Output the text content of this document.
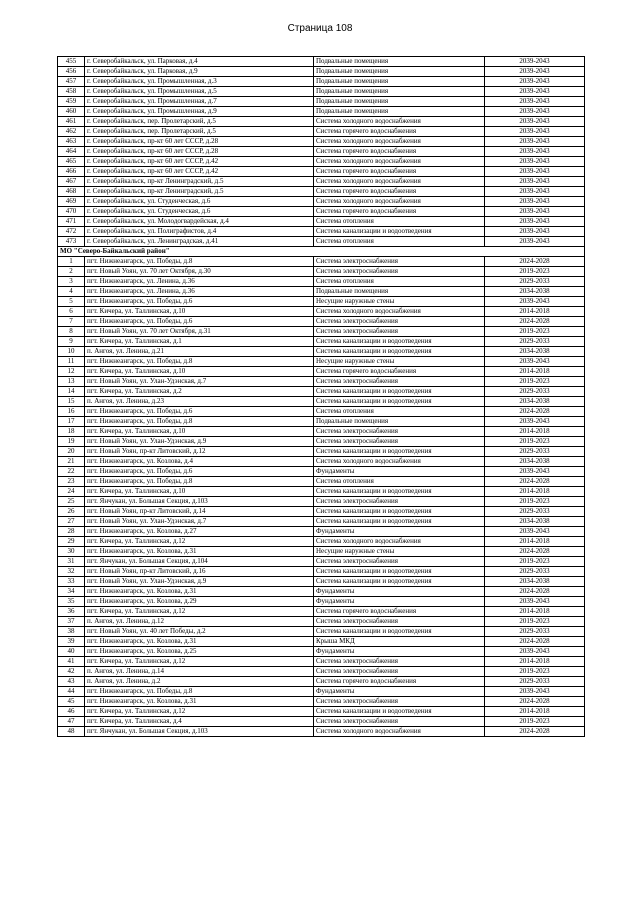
Страница 108
455	г. Северобайкальск, ул. Парковая, д.4	Подвальные помещения	2039-2043
456	г. Северобайкальск, ул. Парковая, д.9	Подвальные помещения	2039-2043
457	г. Северобайкальск, ул. Промышленная, д.3	Подвальные помещения	2039-2043
458	г. Северобайкальск, ул. Промышленная, д.5	Подвальные помещения	2039-2043
459	г. Северобайкальск, ул. Промышленная, д.7	Подвальные помещения	2039-2043
460	г. Северобайкальск, ул. Промышленная, д.9	Подвальные помещения	2039-2043
461	г. Северобайкальск, пер. Пролетарский, д.5	Система холодного водоснабжения	2039-2043
462	г. Северобайкальск, пер. Пролетарский, д.5	Система горячего водоснабжения	2039-2043
463	г. Северобайкальск, пр-кт 60 лет СССР, д.28	Система холодного водоснабжения	2039-2043
464	г. Северобайкальск, пр-кт 60 лет СССР, д.28	Система горячего водоснабжения	2039-2043
465	г. Северобайкальск, пр-кт 60 лет СССР, д.42	Система холодного водоснабжения	2039-2043
466	г. Северобайкальск, пр-кт 60 лет СССР, д.42	Система горячего водоснабжения	2039-2043
467	г. Северобайкальск, пр-кт Ленинградский, д.5	Система холодного водоснабжения	2039-2043
468	г. Северобайкальск, пр-кт Ленинградский, д.5	Система горячего водоснабжения	2039-2043
469	г. Северобайкальск, ул. Студенческая, д.6	Система холодного водоснабжения	2039-2043
470	г. Северобайкальск, ул. Студенческая, д.6	Система горячего водоснабжения	2039-2043
471	г. Северобайкальск, ул. Молодогвардейская, д.4	Система отопления	2039-2043
472	г. Северобайкальск, ул. Полиграфистов, д.4	Система канализации и водоотведения	2039-2043
473	г. Северобайкальск, ул. Ленинградская, д.41	Система отопления	2039-2043
МО "Северо-Байкальский район"			
1	пгт. Нижнеангарск, ул. Победы, д.8	Система электроснабжения	2024-2028
2	пгт. Новый Уоян, ул. 70 лет Октября, д.30	Система электроснабжения	2019-2023
3	пгт. Нижнеангарск, ул. Ленина, д.36	Система отопления	2029-2033
4	пгт. Нижнеангарск, ул. Ленина, д.36	Подвальные помещения	2034-2038
5	пгт. Нижнеангарск, ул. Победы, д.6	Несущие наружные стены	2039-2043
6	пгт. Кичера, ул. Таллинская, д.10	Система холодного водоснабжения	2014-2018
7	пгт. Нижнеангарск, ул. Победы, д.6	Система электроснабжения	2024-2028
8	пгт. Новый Уоян, ул. 70 лет Октября, д.31	Система электроснабжения	2019-2023
9	пгт. Кичера, ул. Таллинская, д.1	Система канализации и водоотведения	2029-2033
10	п. Ангоя, ул. Ленина, д.21	Система канализации и водоотведения	2034-2038
11	пгт. Нижнеангарск, ул. Победы, д.8	Несущие наружные стены	2039-2043
12	пгт. Кичера, ул. Таллинская, д.10	Система горячего водоснабжения	2014-2018
13	пгт. Новый Уоян, ул. Улан-Удэнская, д.7	Система электроснабжения	2019-2023
14	пгт. Кичера, ул. Таллинская, д.2	Система канализации и водоотведения	2029-2033
15	п. Ангоя, ул. Ленина, д.23	Система канализации и водоотведения	2034-2038
16	пгт. Нижнеангарск, ул. Победы, д.6	Система отопления	2024-2028
17	пгт. Нижнеангарск, ул. Победы, д.8	Подвальные помещения	2039-2043
18	пгт. Кичера, ул. Таллинская, д.10	Система электроснабжения	2014-2018
19	пгт. Новый Уоян, ул. Улан-Удэнская, д.9	Система электроснабжения	2019-2023
20	пгт. Новый Уоян, пр-кт Литовский, д.12	Система канализации и водоотведения	2029-2033
21	пгт. Нижнеангарск, ул. Козлова, д.4	Система холодного водоснабжения	2034-2038
22	пгт. Нижнеангарск, ул. Победы, д.6	Фундаменты	2039-2043
23	пгт. Нижнеангарск, ул. Победы, д.8	Система отопления	2024-2028
24	пгт. Кичера, ул. Таллинская, д.10	Система канализации и водоотведения	2014-2018
25	пгт. Янчукан, ул. Большая Секция, д.103	Система электроснабжения	2019-2023
26	пгт. Новый Уоян, пр-кт Литовский, д.14	Система канализации и водоотведения	2029-2033
27	пгт. Новый Уоян, ул. Улан-Удэнская, д.7	Система канализации и водоотведения	2034-2038
28	пгт. Нижнеангарск, ул. Козлова, д.27	Фундаменты	2039-2043
29	пгт. Кичера, ул. Таллинская, д.12	Система холодного водоснабжения	2014-2018
30	пгт. Нижнеангарск, ул. Козлова, д.31	Несущие наружные стены	2024-2028
31	пгт. Янчукан, ул. Большая Секция, д.104	Система электроснабжения	2019-2023
32	пгт. Новый Уоян, пр-кт Литовский, д.16	Система канализации и водоотведения	2029-2033
33	пгт. Новый Уоян, ул. Улан-Удэнская, д.9	Система канализации и водоотведения	2034-2038
34	пгт. Нижнеангарск, ул. Козлова, д.31	Фундаменты	2024-2028
35	пгт. Нижнеангарск, ул. Козлова, д.29	Фундаменты	2039-2043
36	пгт. Кичера, ул. Таллинская, д.12	Система горячего водоснабжения	2014-2018
37	п. Ангоя, ул. Ленина, д.12	Система электроснабжения	2019-2023
38	пгт. Новый Уоян, ул. 40 лет Победы, д.2	Система канализации и водоотведения	2029-2033
39	пгт. Нижнеангарск, ул. Козлова, д.31	Крыша МКД	2024-2028
40	пгт. Нижнеангарск, ул. Козлова, д.25	Фундаменты	2039-2043
41	пгт. Кичера, ул. Таллинская, д.12	Система электроснабжения	2014-2018
42	п. Ангоя, ул. Ленина, д.14	Система электроснабжения	2019-2023
43	п. Ангоя, ул. Ленина, д.2	Система горячего водоснабжения	2029-2033
44	пгт. Нижнеангарск, ул. Победы, д.8	Фундаменты	2039-2043
45	пгт. Нижнеангарск, ул. Козлова, д.31	Система электроснабжения	2024-2028
46	пгт. Кичера, ул. Таллинская, д.12	Система канализации и водоотведения	2014-2018
47	пгт. Кичера, ул. Таллинская, д.4	Система электроснабжения	2019-2023
48	пгт. Янчукан, ул. Большая Секция, д.103	Система холодного водоснабжения	2024-2028
